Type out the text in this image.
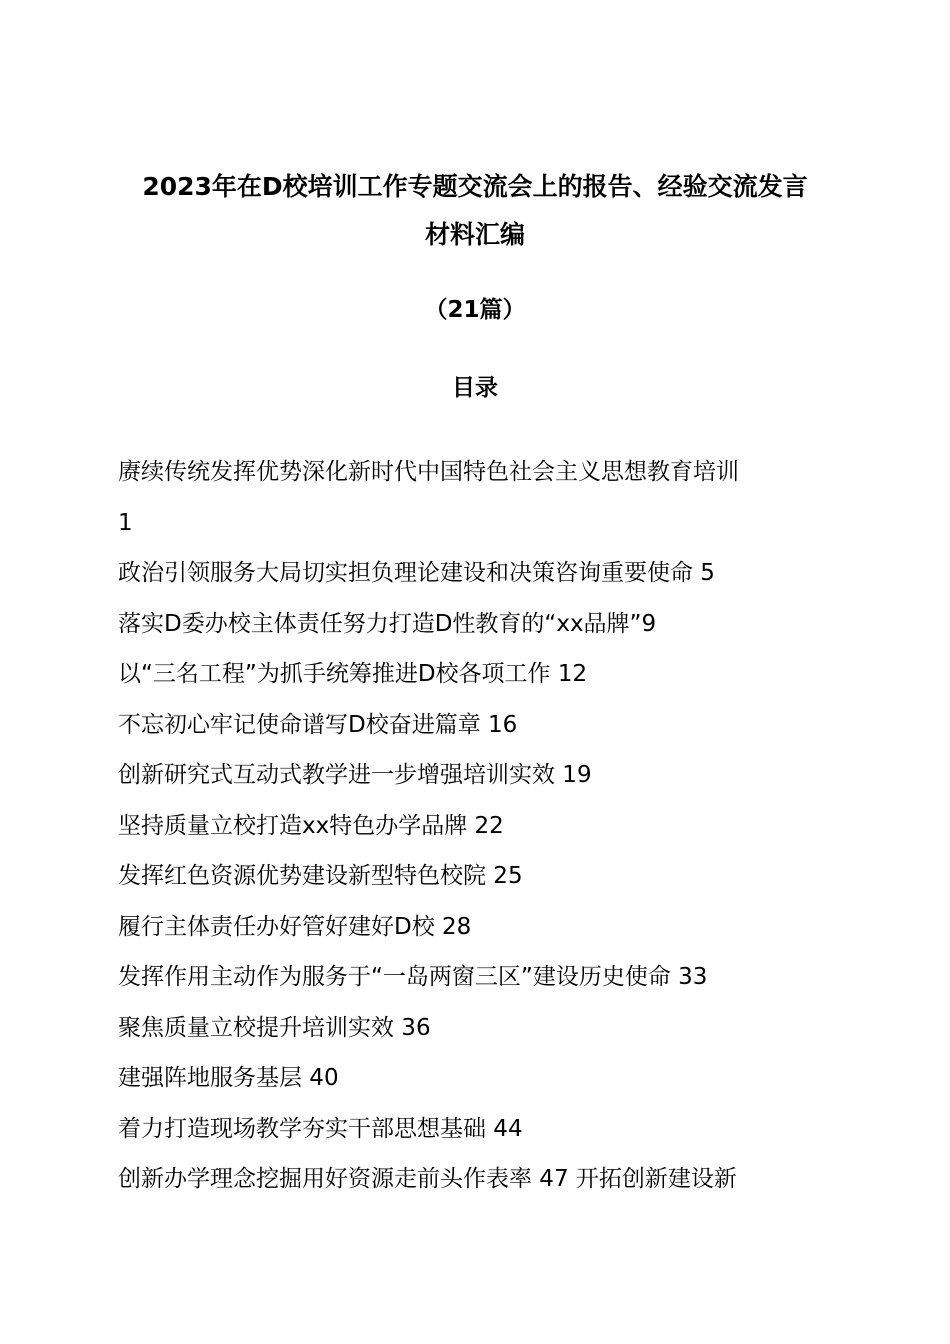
2023年在D校培训工作专题交流会上的报告、经验交流发言
材料汇编
（21篇）
目录
赓续传统发挥优势深化新时代中国特色社会主义思想教育培训
1
政治引领服务大局切实担负理论建设和决策咨询重要使命 5
落实D委办校主体责任努力打造D性教育的“xx品牌”9
以“三名工程”为抓手统筹推进D校各项工作 12
不忘初心牢记使命谱写D校奋进篇章 16
创新研究式互动式教学进一步增强培训实效 19
坚持质量立校打造xx特色办学品牌 22
发挥红色资源优势建设新型特色校院 25
履行主体责任办好管好建好D校 28
发挥作用主动作为服务于“一岛两窗三区”建设历史使命 33
聚焦质量立校提升培训实效 36
建强阵地服务基层 40
着力打造现场教学夯实干部思想基础 44
创新办学理念挖掘用好资源走前头作表率 47 开拓创新建设新
